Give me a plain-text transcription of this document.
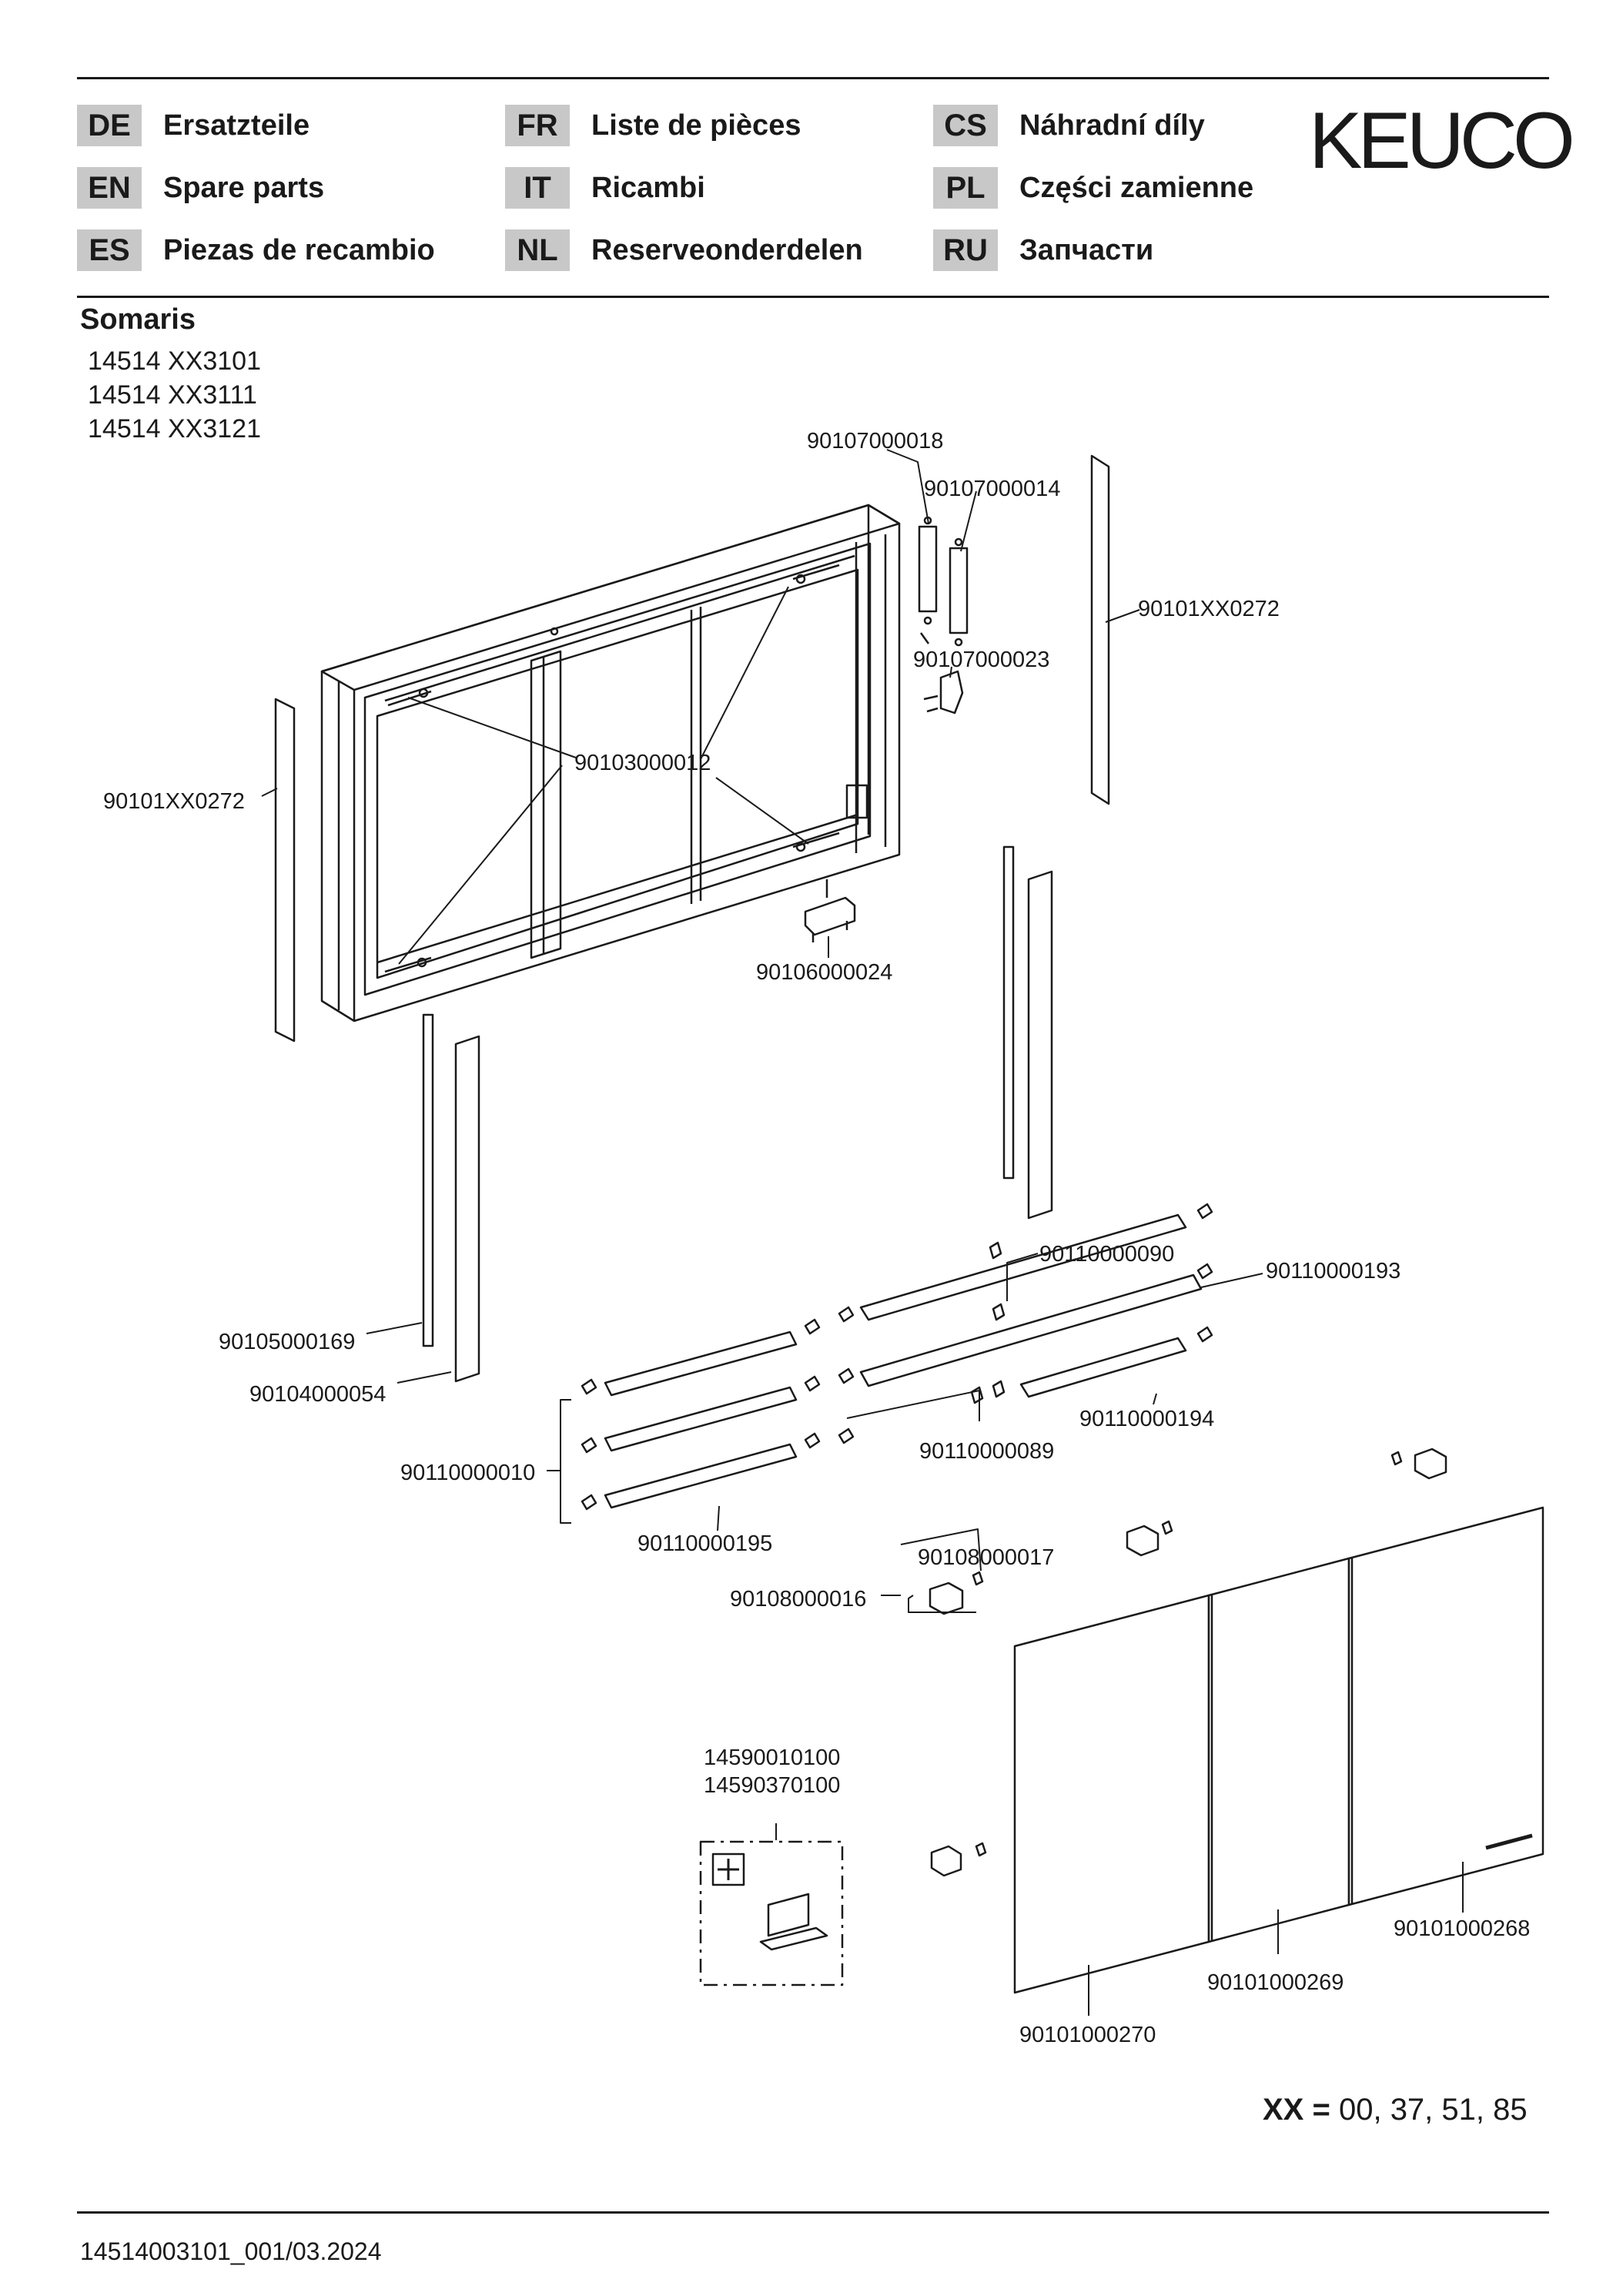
DE	Ersatzteile
EN	Spare parts
ES	Piezas de recambio
FR	Liste de pièces
IT	Ricambi
NL	Reserveonderdelen
CS	Náhradní díly
PL	Części zamienne
RU	Запчасти
KEUCO
Somaris
14514 XX3101
14514 XX3111
14514 XX3121	90107000018
90107000014
90101XX0272
90107000023
90103000012
90101XX0272
90106000024
90110000090
90110000193
90105000169
90104000054
90110000194
90110000089
90110000010
90110000195
90108000017
90108000016
14590010100
14590370100
90101000268
90101000269
90101000270
XX = 00, 37, 51, 85
14514003101_001/03.2024
